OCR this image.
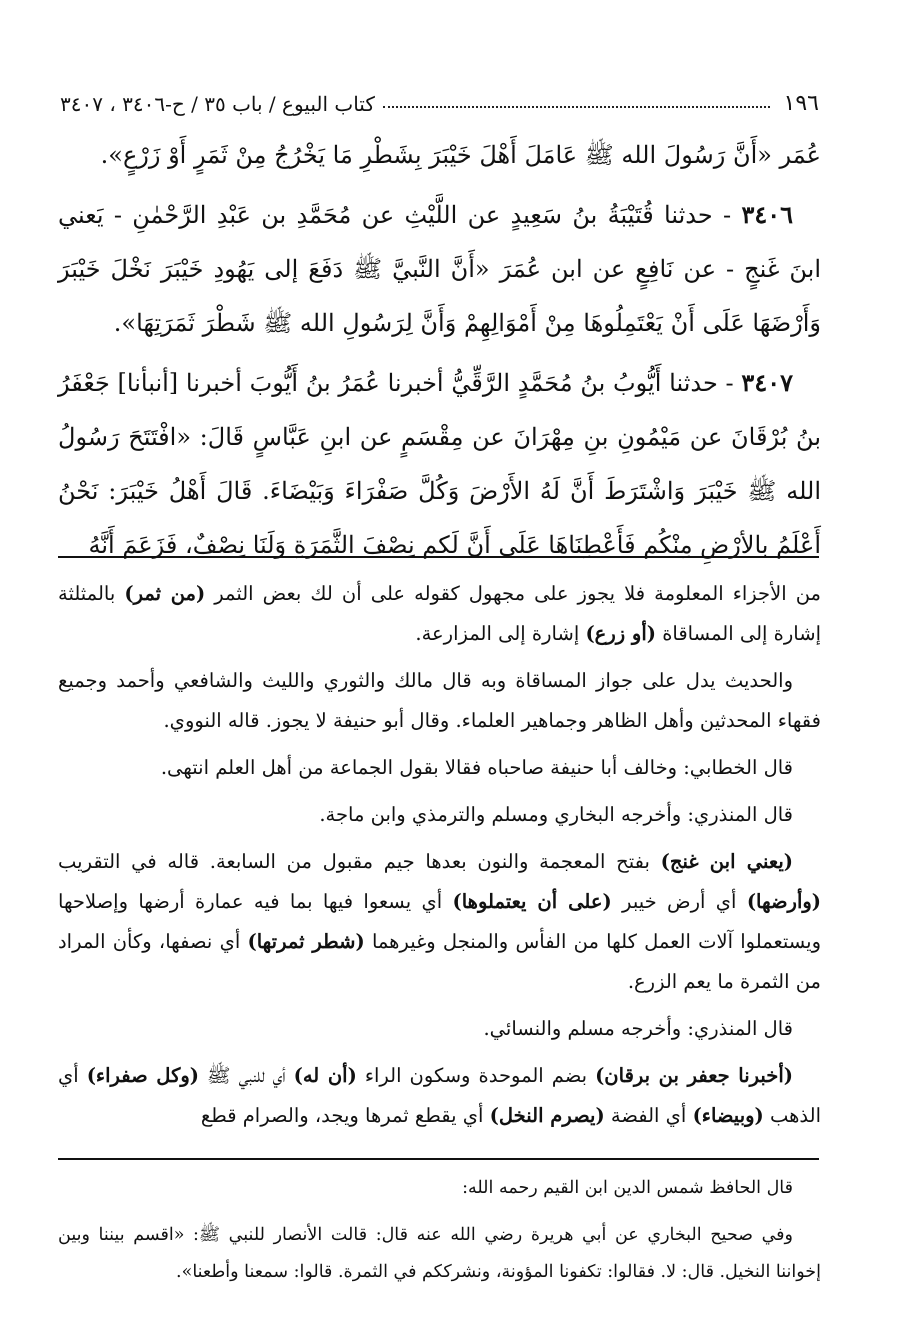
١٩٦
كتاب البيوع / باب ٣٥ / ح-٣٤٠٦ ، ٣٤٠٧

عُمَر «أَنَّ رَسُولَ الله ﷺ عَامَلَ أَهْلَ خَيْبَرَ بِشَطْرِ مَا يَخْرُجُ مِنْ ثَمَرٍ أَوْ زَرْعٍ».

٣٤٠٦ - حدثنا قُتَيْبَةُ بنُ سَعِيدٍ عن اللَّيْثِ عن مُحَمَّدِ بن عَبْدِ الرَّحْمٰنِ - يَعني ابنَ غَنجٍ - عن نَافِعٍ عن ابن عُمَرَ «أَنَّ النَّبيَّ ﷺ دَفَعَ إلى يَهُودِ خَيْبَرَ نَخْلَ خَيْبَرَ وَأَرْضَهَا عَلَى أَنْ يَعْتَمِلُوهَا مِنْ أَمْوَالِهِمْ وَأَنَّ لِرَسُولِ الله ﷺ شَطْرَ ثَمَرَتِهَا».

٣٤٠٧ - حدثنا أَيُّوبُ بنُ مُحَمَّدٍ الرَّقِّيُّ أخبرنا عُمَرُ بنُ أَيُّوبَ أخبرنا [أنبأنا] جَعْفَرُ بنُ بُرْقَانَ عن مَيْمُونِ بنِ مِهْرَانَ عن مِقْسَمٍ عن ابنِ عَبَّاسٍ قَالَ: «افْتَتَحَ رَسُولُ الله ﷺ خَيْبَرَ وَاشْتَرَطَ أَنَّ لَهُ الأَرْضَ وَكُلَّ صَفْرَاءَ وَبَيْضَاءَ. قَالَ أَهْلُ خَيْبَرَ: نَحْنُ أَعْلَمُ بالأرْضِ مِنْكُم فَأَعْطِنَاهَا عَلَى أَنَّ لَكم نِصْفَ الثَّمَرَةِ وَلَنَا نِصْفٌ، فَزَعَمَ أَنَّهُ

من الأجزاء المعلومة فلا يجوز على مجهول كقوله على أن لك بعض الثمر (من ثمر) بالمثلثة إشارة إلى المساقاة (أو زرع) إشارة إلى المزارعة.

والحديث يدل على جواز المساقاة وبه قال مالك والثوري والليث والشافعي وأحمد وجميع فقهاء المحدثين وأهل الظاهر وجماهير العلماء. وقال أبو حنيفة لا يجوز. قاله النووي.

قال الخطابي: وخالف أبا حنيفة صاحباه فقالا بقول الجماعة من أهل العلم انتهى.

قال المنذري: وأخرجه البخاري ومسلم والترمذي وابن ماجة.

(يعني ابن غنج) بفتح المعجمة والنون بعدها جيم مقبول من السابعة. قاله في التقريب (وأرضها) أي أرض خيبر (على أن يعتملوها) أي يسعوا فيها بما فيه عمارة أرضها وإصلاحها ويستعملوا آلات العمل كلها من الفأس والمنجل وغيرهما (شطر ثمرتها) أي نصفها، وكأن المراد من الثمرة ما يعم الزرع.

قال المنذري: وأخرجه مسلم والنسائي.

(أخبرنا جعفر بن برقان) بضم الموحدة وسكون الراء (أن له) أي للنبي ﷺ (وكل صفراء) أي الذهب (وبيضاء) أي الفضة (يصرم النخل) أي يقطع ثمرها ويجد، والصرام قطع

قال الحافظ شمس الدين ابن القيم رحمه الله:

وفي صحيح البخاري عن أبي هريرة رضي الله عنه قال: قالت الأنصار للنبي ﷺ: «اقسم بيننا وبين إخواننا النخيل. قال: لا. فقالوا: تكفونا المؤونة، ونشرككم في الثمرة. قالوا: سمعنا وأطعنا».
